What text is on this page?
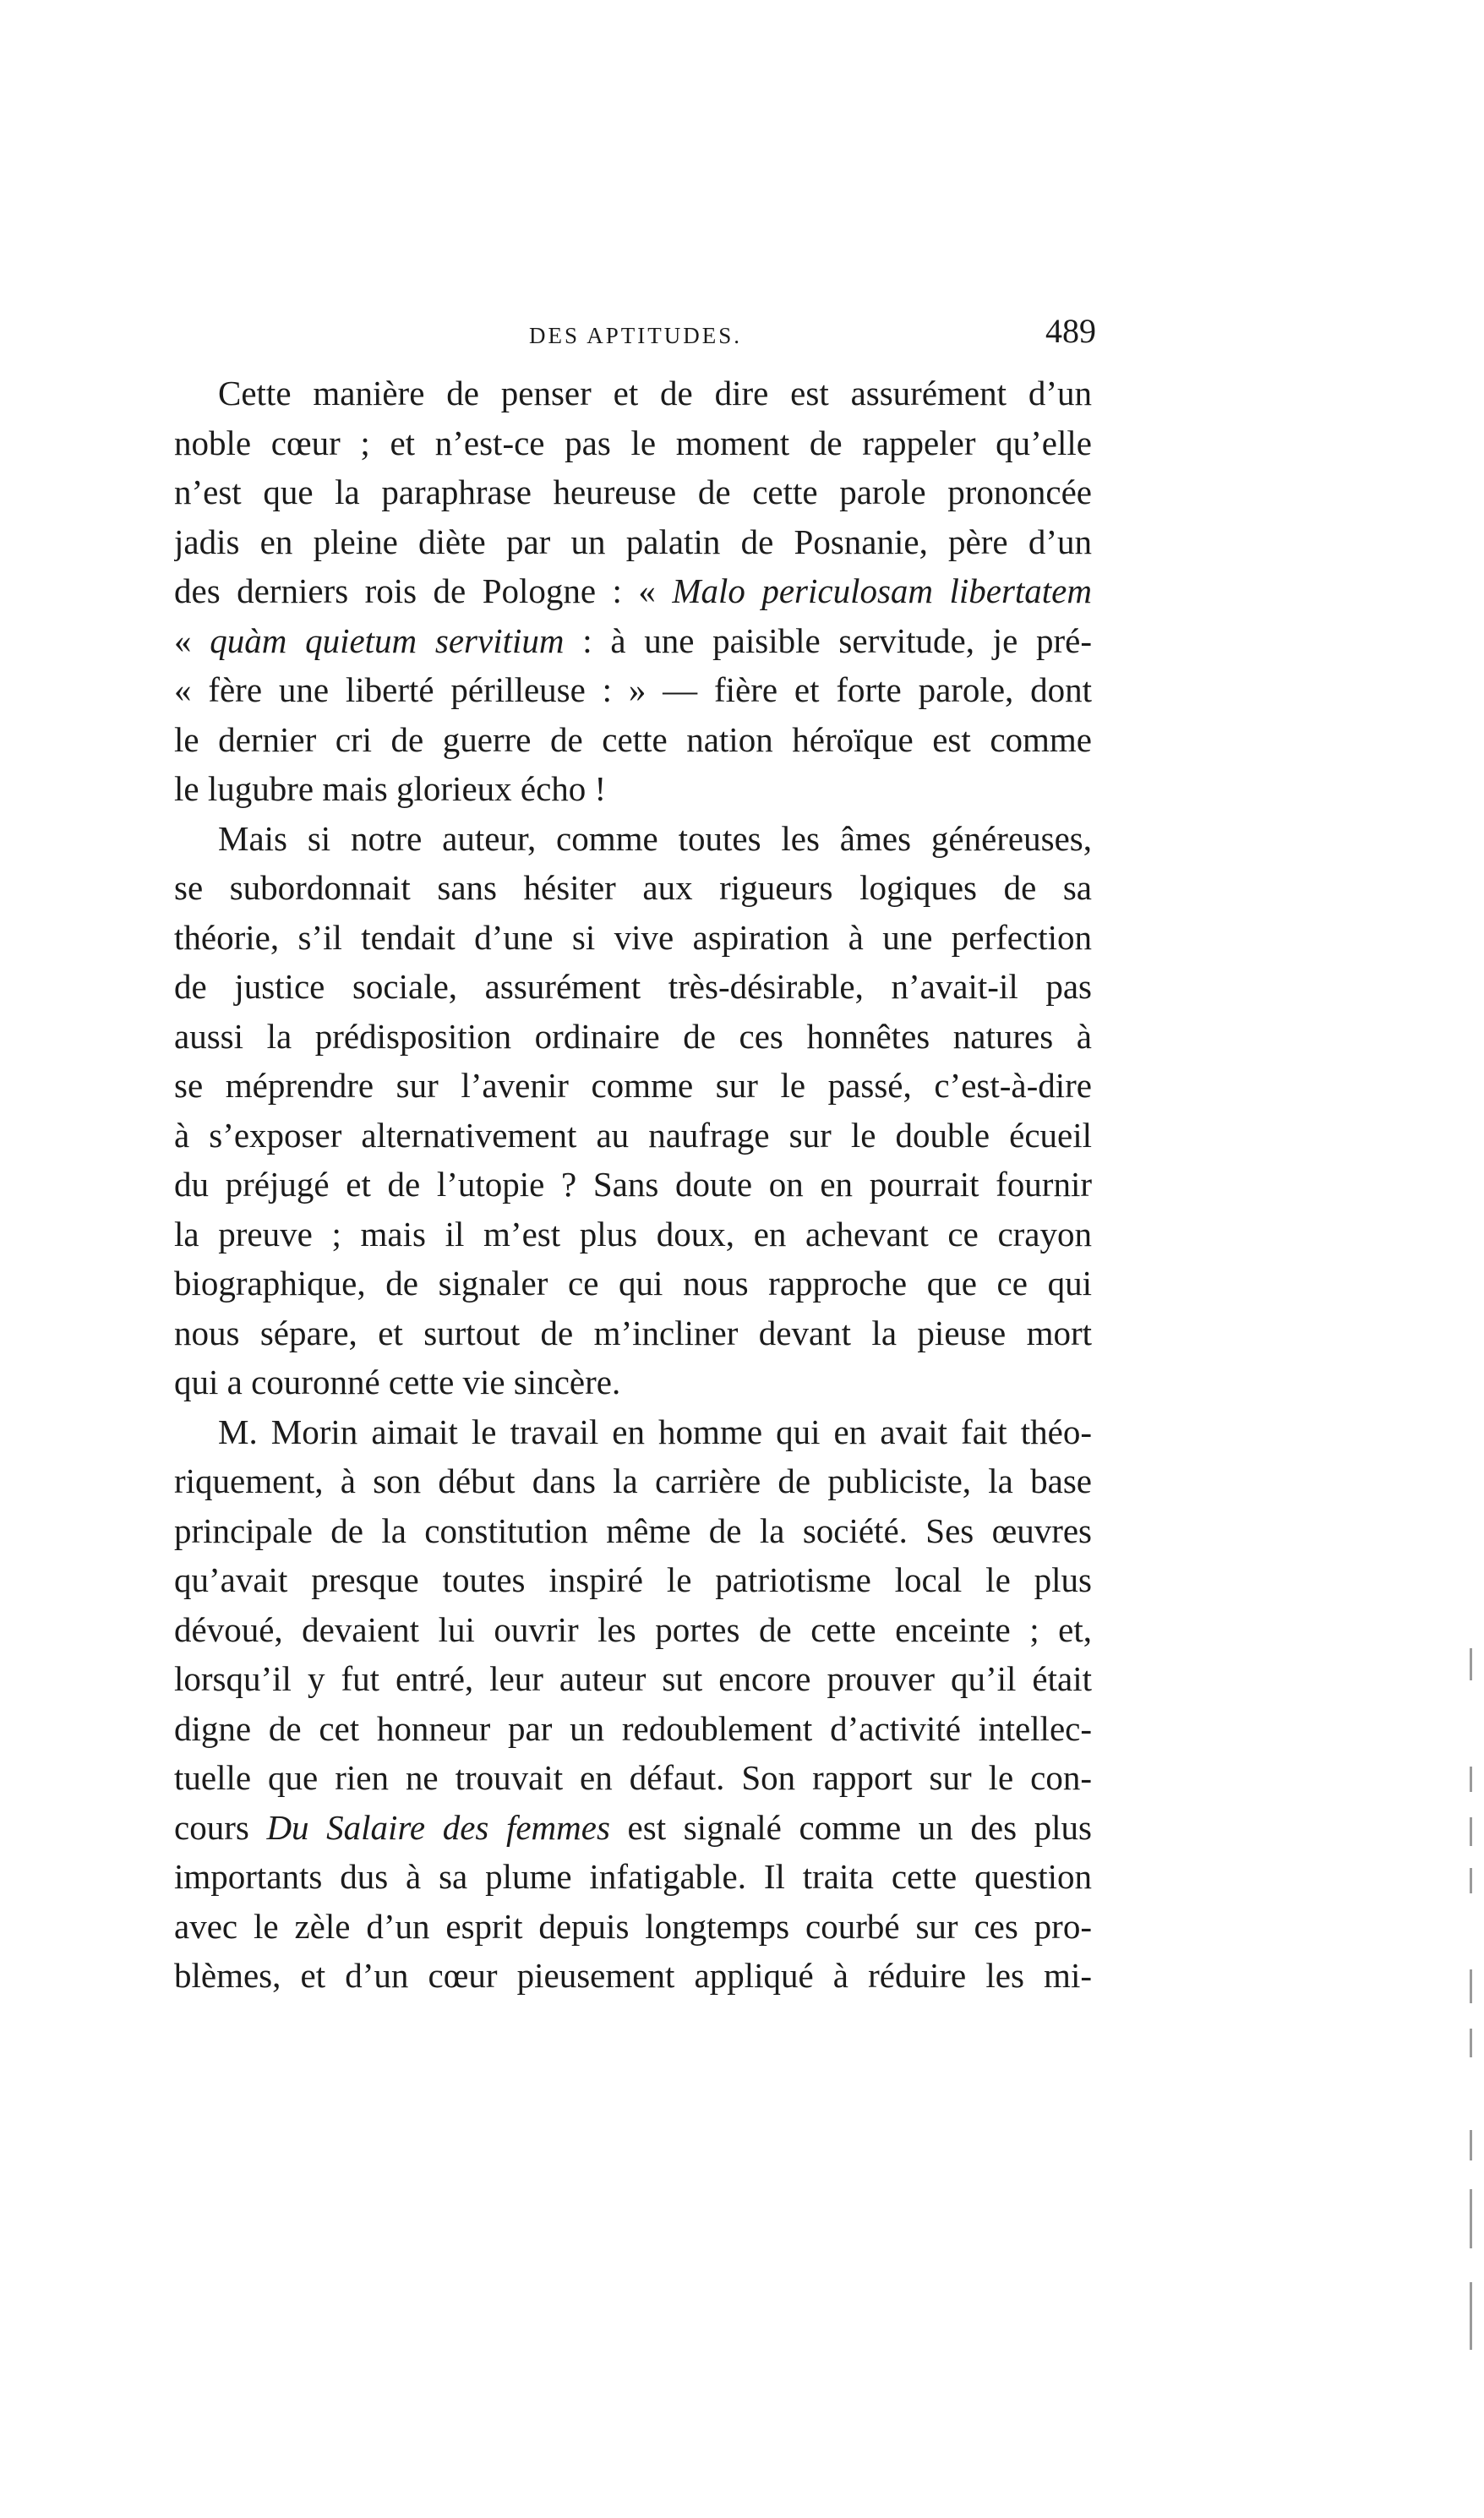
DES APTITUDES.	489
Cette manière de penser et de dire est assurément d’un
noble cœur ; et n’est-ce pas le moment de rappeler qu’elle
n’est que la paraphrase heureuse de cette parole prononcée
jadis en pleine diète par un palatin de Posnanie, père d’un
des derniers rois de Pologne : « Malo periculosam libertatem
« quàm quietum servitium : à une paisible servitude, je pré-
« fère une liberté périlleuse : » — fière et forte parole, dont
le dernier cri de guerre de cette nation héroïque est comme
le lugubre mais glorieux écho !
Mais si notre auteur, comme toutes les âmes généreuses,
se subordonnait sans hésiter aux rigueurs logiques de sa
théorie, s’il tendait d’une si vive aspiration à une perfection
de justice sociale, assurément très-désirable, n’avait-il pas
aussi la prédisposition ordinaire de ces honnêtes natures à
se méprendre sur l’avenir comme sur le passé, c’est-à-dire
à s’exposer alternativement au naufrage sur le double écueil
du préjugé et de l’utopie ? Sans doute on en pourrait fournir
la preuve ; mais il m’est plus doux, en achevant ce crayon
biographique, de signaler ce qui nous rapproche que ce qui
nous sépare, et surtout de m’incliner devant la pieuse mort
qui a couronné cette vie sincère.
M. Morin aimait le travail en homme qui en avait fait théo-
riquement, à son début dans la carrière de publiciste, la base
principale de la constitution même de la société. Ses œuvres
qu’avait presque toutes inspiré le patriotisme local le plus
dévoué, devaient lui ouvrir les portes de cette enceinte ; et,
lorsqu’il y fut entré, leur auteur sut encore prouver qu’il était
digne de cet honneur par un redoublement d’activité intellec-
tuelle que rien ne trouvait en défaut. Son rapport sur le con-
cours Du Salaire des femmes est signalé comme un des plus
importants dus à sa plume infatigable. Il traita cette question
avec le zèle d’un esprit depuis longtemps courbé sur ces pro-
blèmes, et d’un cœur pieusement appliqué à réduire les mi-
